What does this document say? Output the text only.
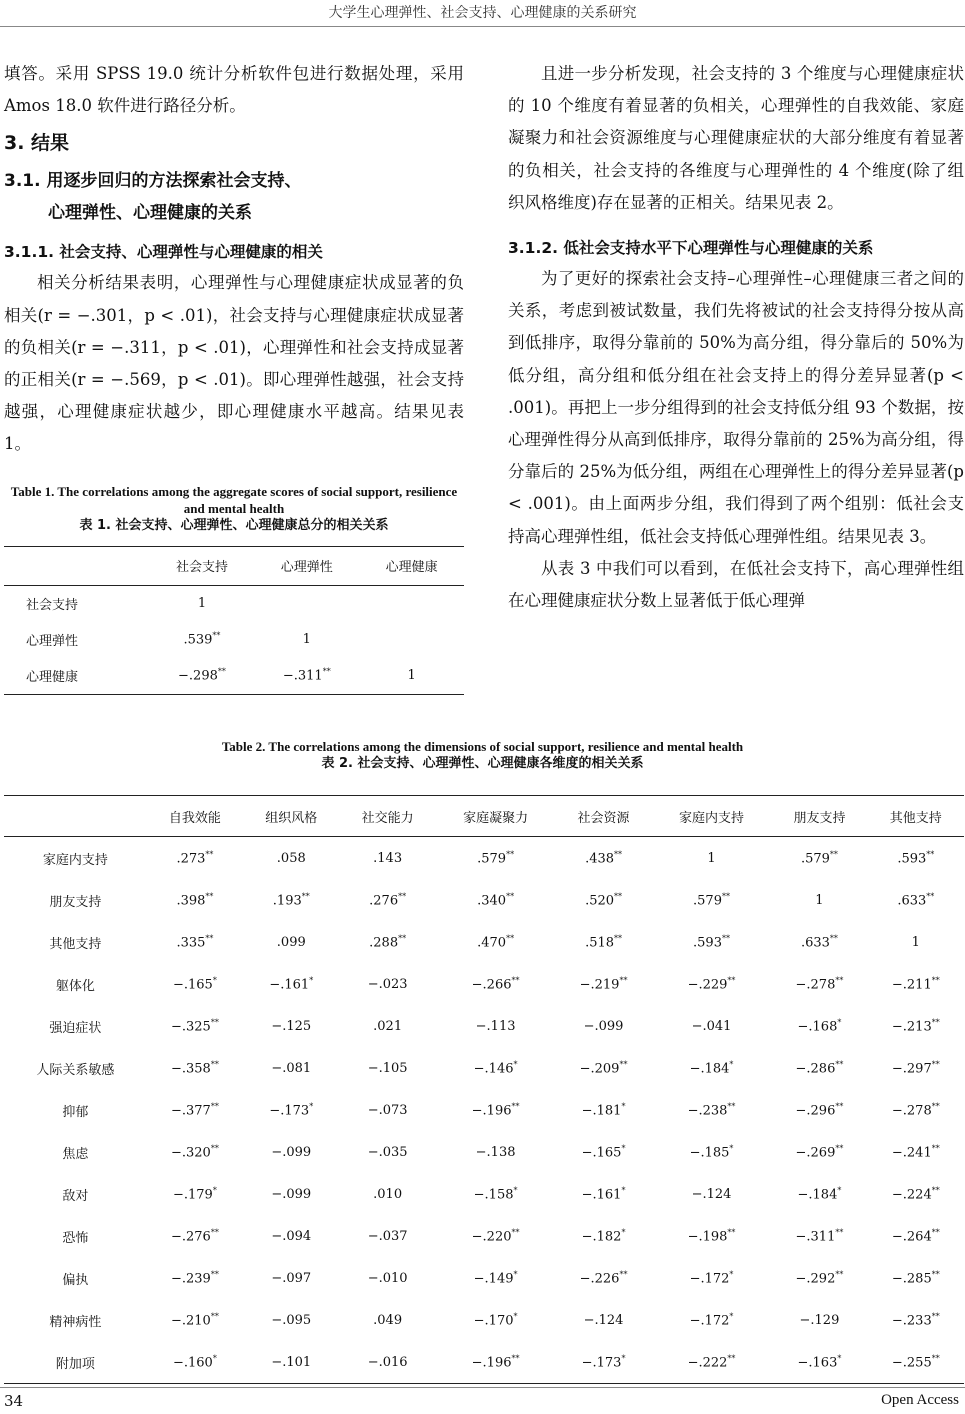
大学生心理弹性、社会支持、心理健康的关系研究

填答。采用 SPSS 19.0 统计分析软件包进行数据处理，采用 Amos 18.0 软件进行路径分析。

3. 结果
3.1. 用逐步回归的方法探索社会支持、
心理弹性、心理健康的关系
3.1.1. 社会支持、心理弹性与心理健康的相关

相关分析结果表明，心理弹性与心理健康症状成显著的负相关(r = −.301，p < .01)，社会支持与心理健康症状成显著的负相关(r = −.311，p < .01)，心理弹性和社会支持成显著的正相关(r = −.569，p < .01)。即心理弹性越强，社会支持越强，心理健康症状越少，即心理健康水平越高。结果见表 1。

Table 1. The correlations among the aggregate scores of social support, resilience and mental health
表 1. 社会支持、心理弹性、心理健康总分的相关关系
	社会支持	心理弹性	心理健康
社会支持	1		
心理弹性	.539**	1	
心理健康	−.298**	−.311**	1

且进一步分析发现，社会支持的 3 个维度与心理健康症状的 10 个维度有着显著的负相关，心理弹性的自我效能、家庭凝聚力和社会资源维度与心理健康症状的大部分维度有着显著的负相关，社会支持的各维度与心理弹性的 4 个维度(除了组织风格维度)存在显著的正相关。结果见表 2。

3.1.2. 低社会支持水平下心理弹性与心理健康的关系

为了更好的探索社会支持–心理弹性–心理健康三者之间的关系，考虑到被试数量，我们先将被试的社会支持得分按从高到低排序，取得分靠前的 50%为高分组，得分靠后的 50%为低分组，高分组和低分组在社会支持上的得分差异显著(p < .001)。再把上一步分组得到的社会支持低分组 93 个数据，按心理弹性得分从高到低排序，取得分靠前的 25%为高分组，得分靠后的 25%为低分组，两组在心理弹性上的得分差异显著(p < .001)。由上面两步分组，我们得到了两个组别：低社会支持高心理弹性组，低社会支持低心理弹性组。结果见表 3。

从表 3 中我们可以看到，在低社会支持下，高心理弹性组在心理健康症状分数上显著低于低心理弹

Table 2. The correlations among the dimensions of social support, resilience and mental health
表 2. 社会支持、心理弹性、心理健康各维度的相关关系
	自我效能	组织风格	社交能力	家庭凝聚力	社会资源	家庭内支持	朋友支持	其他支持
家庭内支持	.273**	.058	.143	.579**	.438**	1	.579**	.593**
朋友支持	.398**	.193**	.276**	.340**	.520**	.579**	1	.633**
其他支持	.335**	.099	.288**	.470**	.518**	.593**	.633**	1
躯体化	−.165*	−.161*	−.023	−.266**	−.219**	−.229**	−.278**	−.211**
强迫症状	−.325**	−.125	.021	−.113	−.099	−.041	−.168*	−.213**
人际关系敏感	−.358**	−.081	−.105	−.146*	−.209**	−.184*	−.286**	−.297**
抑郁	−.377**	−.173*	−.073	−.196**	−.181*	−.238**	−.296**	−.278**
焦虑	−.320**	−.099	−.035	−.138	−.165*	−.185*	−.269**	−.241**
敌对	−.179*	−.099	.010	−.158*	−.161*	−.124	−.184*	−.224**
恐怖	−.276**	−.094	−.037	−.220**	−.182*	−.198**	−.311**	−.264**
偏执	−.239**	−.097	−.010	−.149*	−.226**	−.172*	−.292**	−.285**
精神病性	−.210**	−.095	.049	−.170*	−.124	−.172*	−.129	−.233**
附加项	−.160*	−.101	−.016	−.196**	−.173*	−.222**	−.163*	−.255**
34	Open Access
